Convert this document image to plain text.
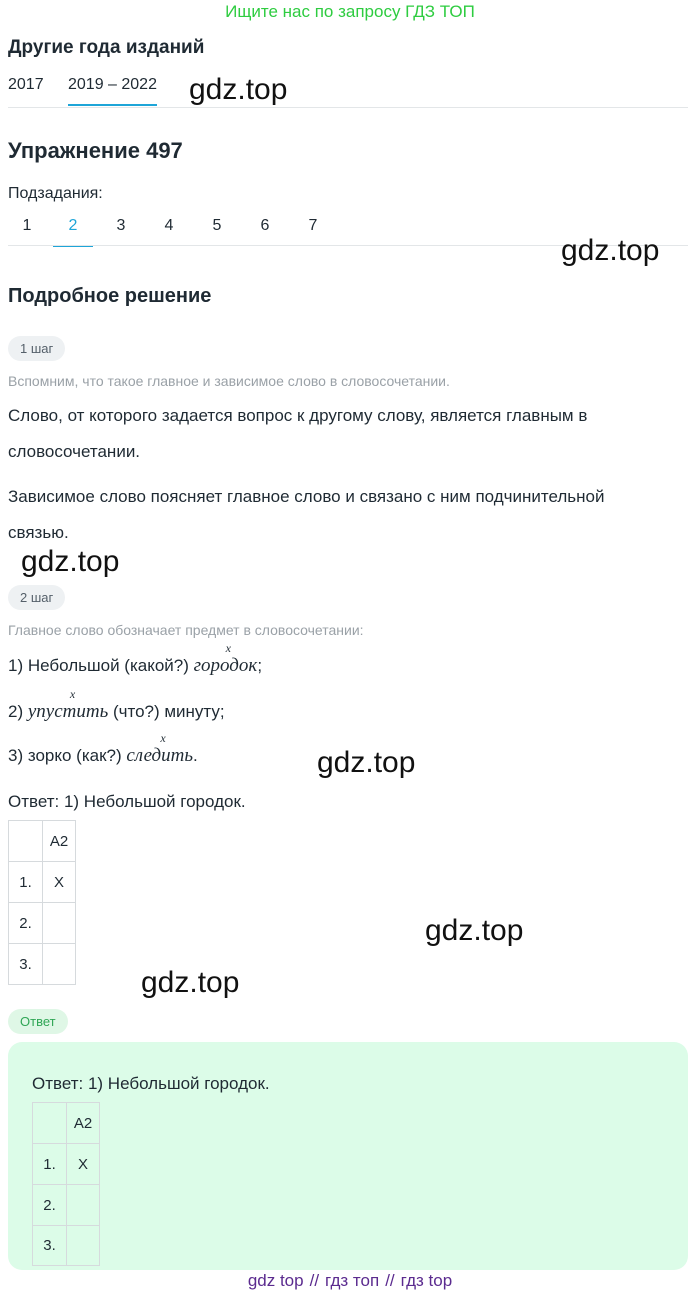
Ищите нас по запросу ГДЗ ТОП
Другие года изданий
2017 2019 – 2022
Упражнение 497
Подзадания:
1	2	3	4	5	6	7
Подробное решение
1 шаг
Вспомним, что такое главное и зависимое слово в словосочетании.
Слово, от которого задается вопрос к другому слову, является главным в
словосочетании.
Зависимое слово поясняет главное слово и связано с ним подчинительной
связью.
2 шаг
Главное слово обозначает предмет в словосочетании:
1) Небольшой (какой?)
x
городок;
2)
x
упустить (что?) минуту;
3) зорко (как?)
x
следить.
Ответ: 1) Небольшой городок.
	А2
1.	Х
2.	
3.	
Ответ
Ответ: 1) Небольшой городок.
	А2
1.	Х
2.	
3.	
gdz.top
gdz.top
gdz.top
gdz.top
gdz.top
gdz.top
gdz top // гдз топ // гдз top
